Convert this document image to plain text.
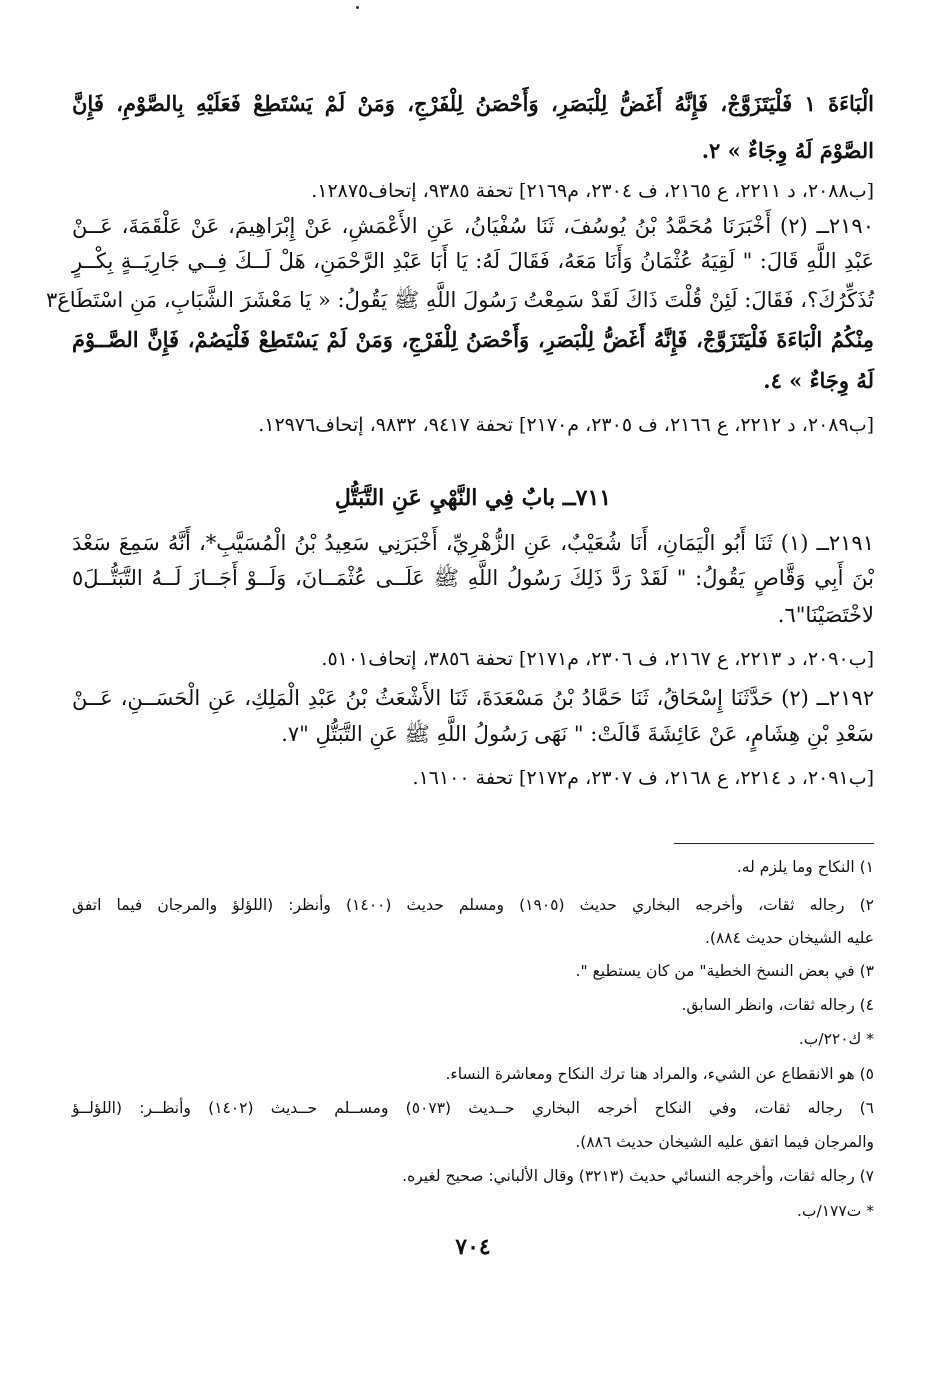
الْبَاءَةَ ١ فَلْيَتَزَوَّجْ، فَإِنَّهُ أَغَضُّ لِلْبَصَرِ، وَأَحْصَنُ لِلْفَرْجِ، وَمَنْ لَمْ يَسْتَطِعْ فَعَلَيْهِ بِالصَّوْمِ، فَإِنَّ
الصَّوْمَ لَهُ وِجَاءٌ » ٢.
[ب٢٠٨٨، د ٢٢١١، ع ٢١٦٥، ف ٢٣٠٤، م٢١٦٩] تحفة ٩٣٨٥، إتحاف١٢٨٧٥.
٢١٩٠ــ (٢) أَخْبَرَنَا مُحَمَّدُ بْنُ يُوسُفَ، ثَنَا سُفْيَانُ، عَنِ الأَعْمَشِ، عَنْ إِبْرَاهِيمَ، عَنْ عَلْقَمَةَ، عَــنْ
عَبْدِ اللَّهِ قَالَ: " لَقِيَهُ عُثْمَانُ وَأَنَا مَعَهُ، فَقَالَ لَهُ: يَا أَبَا عَبْدِ الرَّحْمَنِ، هَلْ لَــكَ فِــي جَارِيَــةٍ بِكْــرٍ
تُذَكِّرُكَ؟، فَقَالَ: لَئِنْ قُلْتَ ذَاكَ لَقَدْ سَمِعْتُ رَسُولَ اللَّهِ ﷺ يَقُولُ: « يَا مَعْشَرَ الشَّبَابِ، مَنِ اسْتَطَاعَ٣
مِنْكُمُ الْبَاءَةَ فَلْيَتَزَوَّجْ، فَإِنَّهُ أَغَضُّ لِلْبَصَرِ، وَأَحْصَنُ لِلْفَرْجِ، وَمَنْ لَمْ يَسْتَطِعْ فَلْيَصُمْ، فَإِنَّ الصَّــوْمَ
لَهُ وِجَاءٌ » ٤.
[ب٢٠٨٩، د ٢٢١٢، ع ٢١٦٦، ف ٢٣٠٥، م٢١٧٠] تحفة ٩٤١٧، ٩٨٣٢، إتحاف١٢٩٧٦.
٧١١ــ بابٌ فِي النَّهْيِ عَنِ التَّبَتُّلِ
٢١٩١ــ (١) ثَنَا أَبُو الْيَمَانِ، أَنَا شُعَيْبٌ، عَنِ الزُّهْرِيِّ، أَخْبَرَنِي سَعِيدُ بْنُ الْمُسَيَّبِ*، أَنَّهُ سَمِعَ سَعْدَ
بْنَ أَبِي وَقَّاصٍ يَقُولُ: " لَقَدْ رَدَّ ذَلِكَ رَسُولُ اللَّهِ ﷺ عَلَــى عُثْمَــانَ، وَلَــوْ أَجَــازَ لَــهُ التَّبَتُّــلَ٥
لاخْتَصَيْنَا"٦.
[ب٢٠٩٠، د ٢٢١٣، ع ٢١٦٧، ف ٢٣٠٦، م٢١٧١] تحفة ٣٨٥٦، إتحاف٥١٠١.
٢١٩٢ــ (٢) حَدَّثَنَا إِسْحَاقُ، ثَنَا حَمَّادُ بْنُ مَسْعَدَةَ، ثَنَا الأَشْعَثُ بْنُ عَبْدِ الْمَلِكِ، عَنِ الْحَسَــنِ، عَــنْ
سَعْدِ بْنِ هِشَامٍ، عَنْ عَائِشَةَ قَالَتْ: " نَهَى رَسُولُ اللَّهِ ﷺ عَنِ التَّبَتُّلِ "٧.
[ب٢٠٩١، د ٢٢١٤، ع ٢١٦٨، ف ٢٣٠٧، م٢١٧٢] تحفة ١٦١٠٠.
١) النكاح وما يلزم له.
٢) رجاله ثقات، وأخرجه البخاري حديث (١٩٠٥) ومسلم حديث (١٤٠٠) وأنظر: (اللؤلؤ والمرجان فيما اتفق
عليه الشيخان حديث ٨٨٤).
٣) في بعض النسخ الخطية" من كان يستطيع ".
٤) رجاله ثقات، وانظر السابق.
* ك٢٢٠/ب.
٥) هو الانقطاع عن الشيء، والمراد هنا ترك النكاح ومعاشرة النساء.
٦) رجاله ثقات، وفي النكاح أخرجه البخاري حــديث (٥٠٧٣) ومســلم حــديث (١٤٠٢) وأنظــر: (اللؤلــؤ
والمرجان فيما اتفق عليه الشيخان حديث ٨٨٦).
٧) رجاله ثقات، وأخرجه النسائي حديث (٣٢١٣) وقال الألباني: صحيح لغيره.
* ت١٧٧/ب.
٧٠٤
